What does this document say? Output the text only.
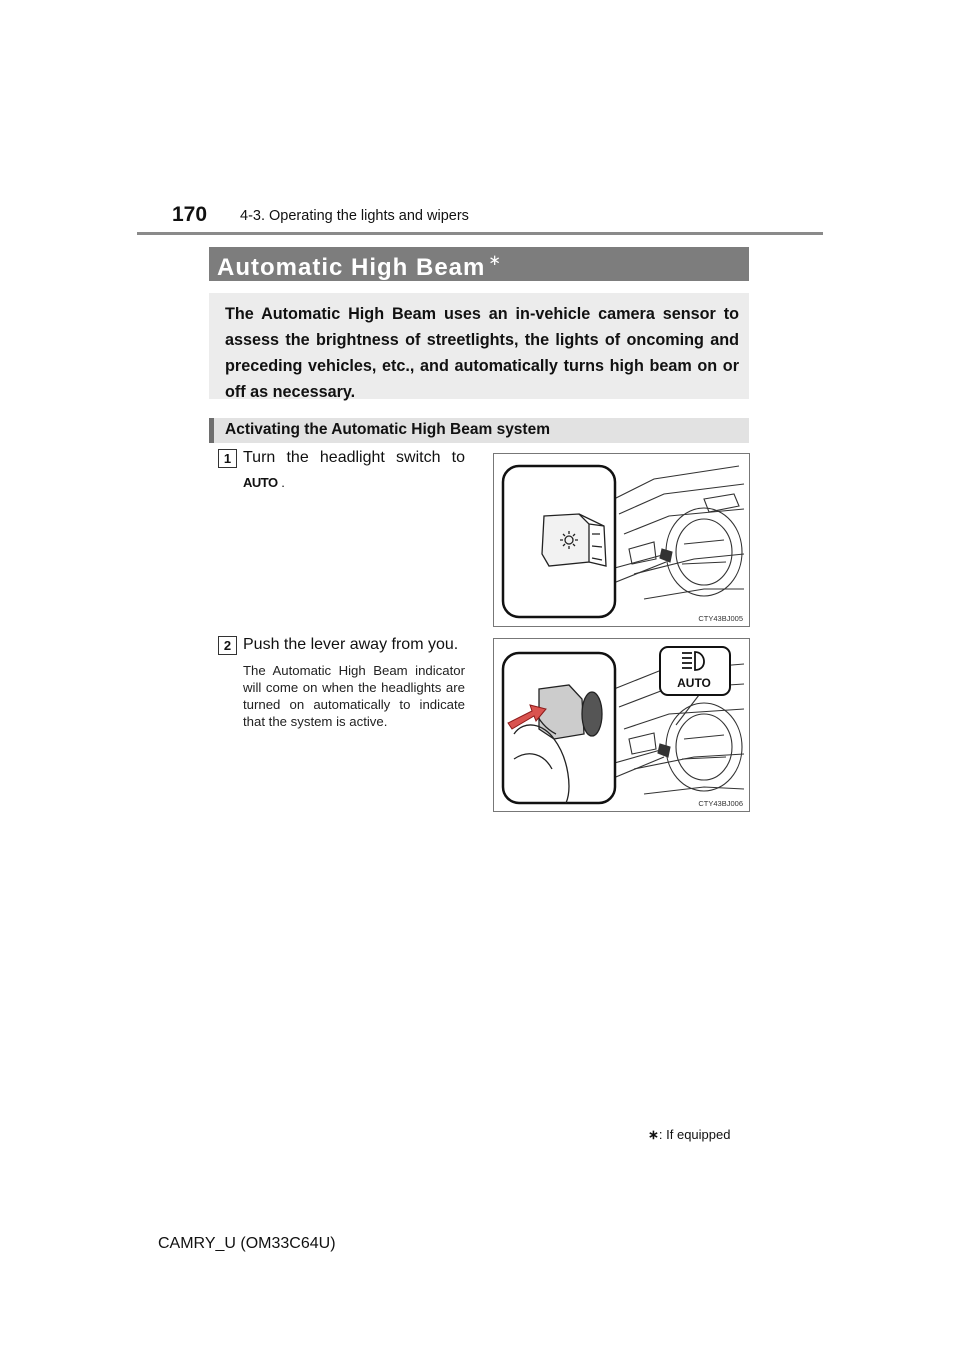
170 4-3. Operating the lights and wipers
Automatic High Beam ∗
The Automatic High Beam uses an in-vehicle camera sensor to assess the brightness of streetlights, the lights of oncoming and preceding vehicles, etc., and automatically turns high beam on or off as necessary.
Activating the Automatic High Beam system
1 Turn the headlight switch to
AUTO .
CTY43BJ005
2 Push the lever away from you.
The Automatic High Beam indicator will come on when the headlights are turned on automatically to indicate that the system is active.
AUTO
CTY43BJ006
∗: If equipped
CAMRY_U (OM33C64U)
